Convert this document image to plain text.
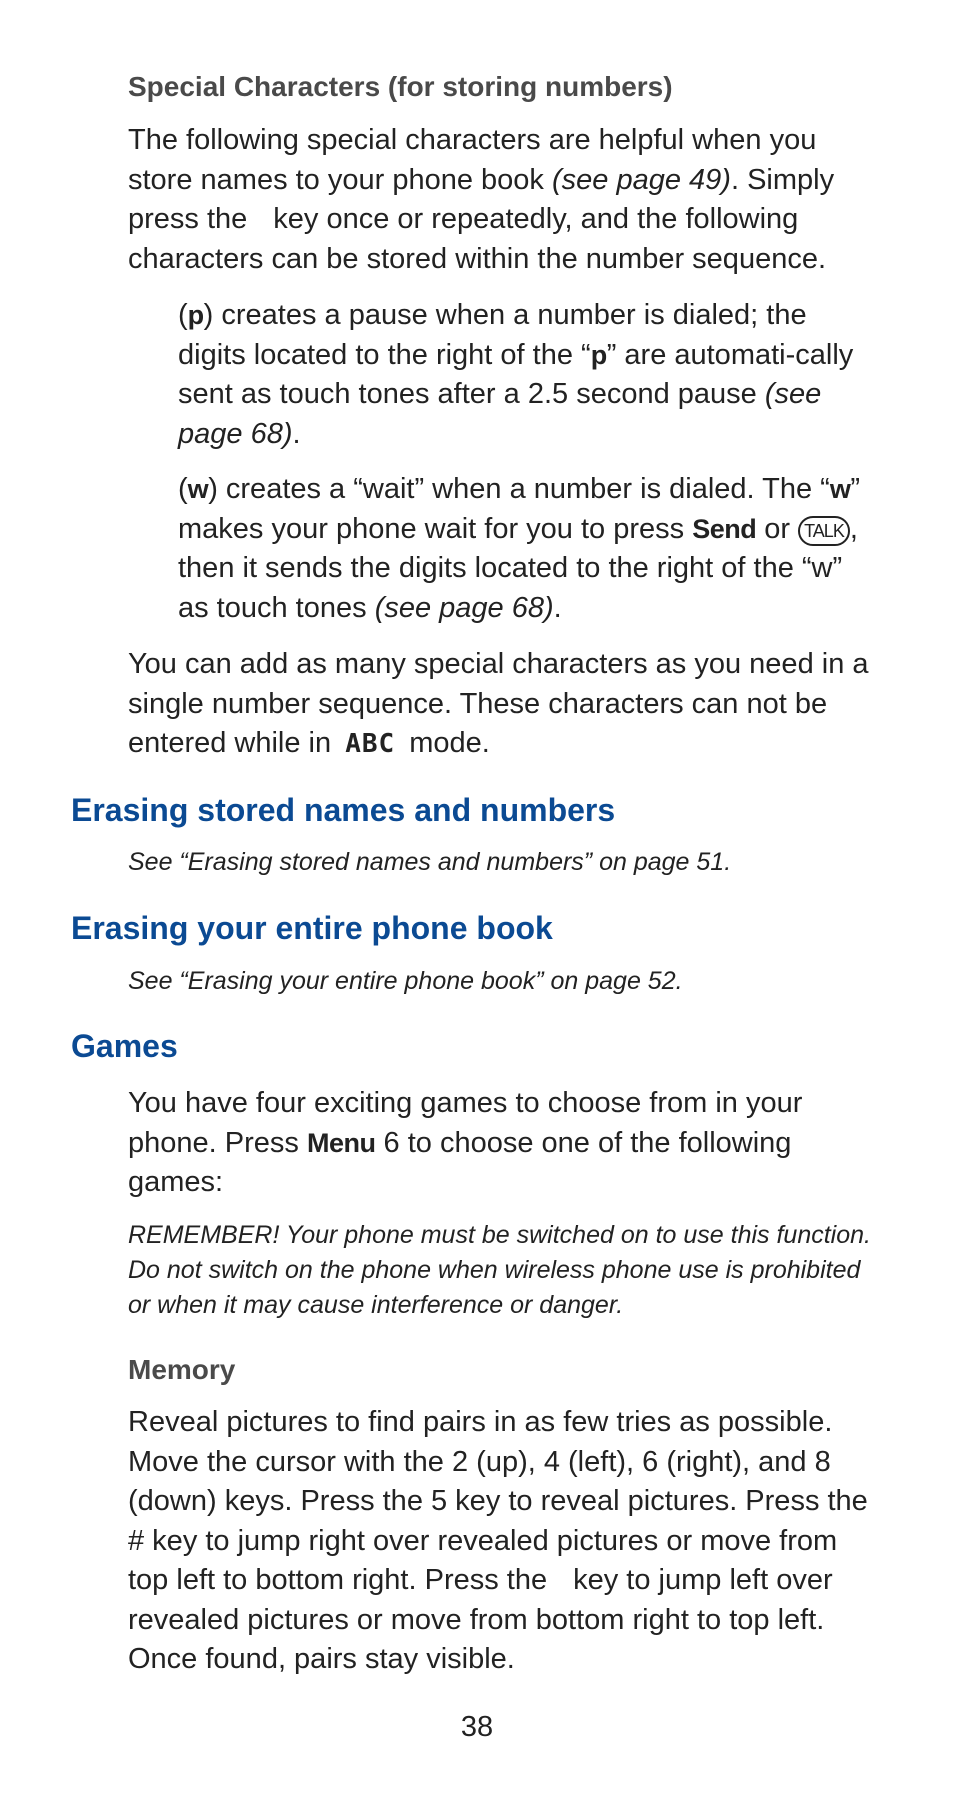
Special Characters (for storing numbers)

The following special characters are helpful when you store names to your phone book (see page 49). Simply press the key once or repeatedly, and the following characters can be stored within the number sequence.

(p) creates a pause when a number is dialed; the digits located to the right of the “p” are automati-cally sent as touch tones after a 2.5 second pause (see page 68).

(w) creates a “wait” when a number is dialed. The “w” makes your phone wait for you to press Send or TALK , then it sends the digits located to the right of the “w” as touch tones (see page 68).

You can add as many special characters as you need in a single number sequence. These characters can not be entered while in ABC mode.

Erasing stored names and numbers

See “Erasing stored names and numbers” on page 51.

Erasing your entire phone book

See “Erasing your entire phone book” on page 52.

Games

You have four exciting games to choose from in your phone. Press Menu 6 to choose one of the following games:

REMEMBER! Your phone must be switched on to use this function. Do not switch on the phone when wireless phone use is prohibited or when it may cause interference or danger.

Memory

Reveal pictures to find pairs in as few tries as possible. Move the cursor with the 2 (up), 4 (left), 6 (right), and 8 (down) keys. Press the 5 key to reveal pictures. Press the # key to jump right over revealed pictures or move from top left to bottom right. Press the key to jump left over revealed pictures or move from bottom right to top left. Once found, pairs stay visible.

38
